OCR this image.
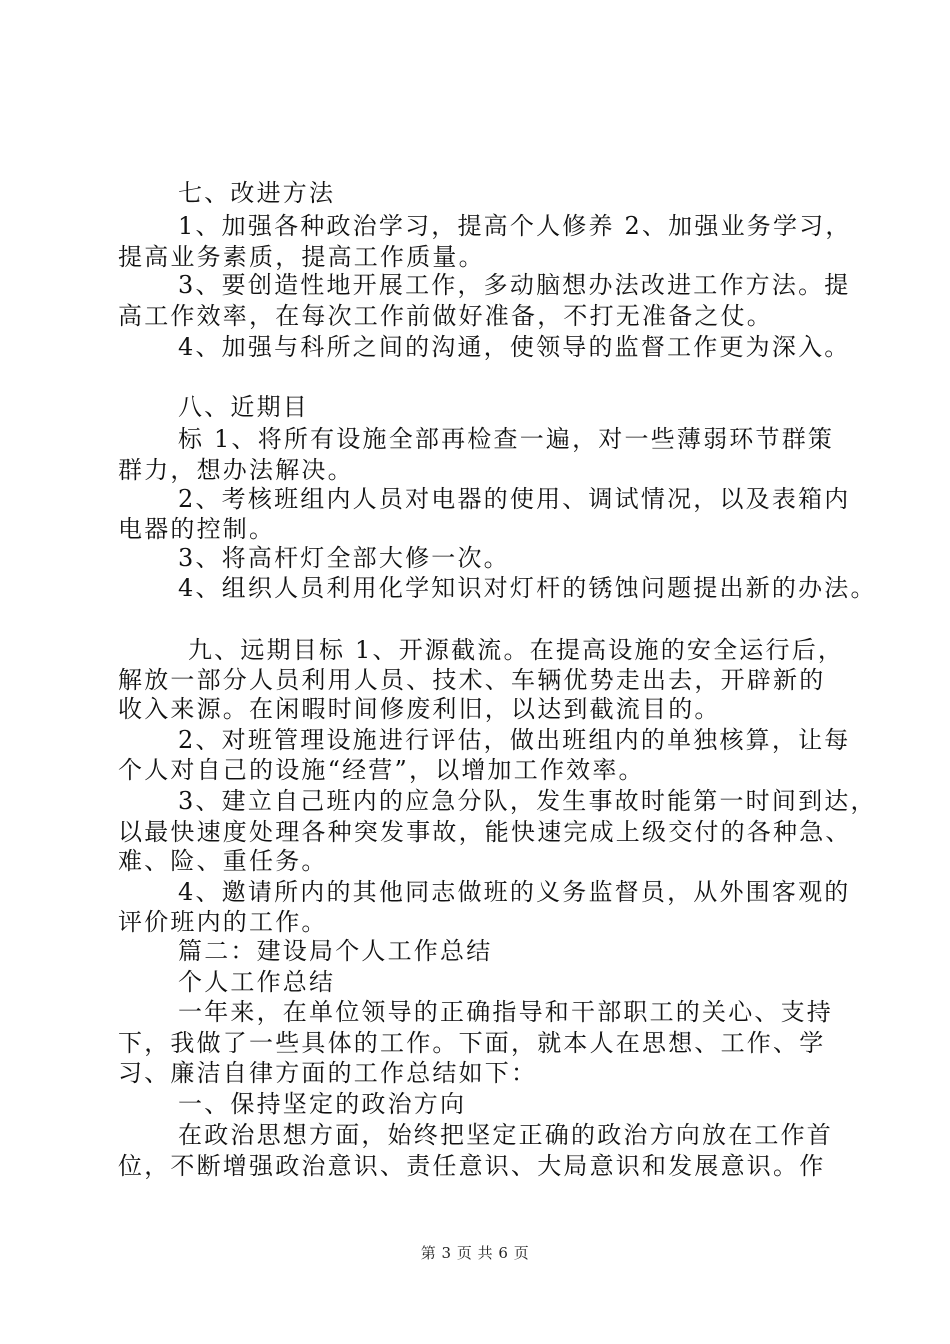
七、改进方法
1、加强各种政治学习，提高个人修养 2、加强业务学习，
提高业务素质，提高工作质量。
3、要创造性地开展工作，多动脑想办法改进工作方法。提
高工作效率，在每次工作前做好准备，不打无准备之仗。
4、加强与科所之间的沟通，使领导的监督工作更为深入。
八、近期目
标 1、将所有设施全部再检查一遍，对一些薄弱环节群策
群力，想办法解决。
2、考核班组内人员对电器的使用、调试情况，以及表箱内
电器的控制。
3、将高杆灯全部大修一次。
4、组织人员利用化学知识对灯杆的锈蚀问题提出新的办法。
九、远期目标 1、开源截流。在提高设施的安全运行后，
解放一部分人员利用人员、技术、车辆优势走出去，开辟新的
收入来源。在闲暇时间修废利旧，以达到截流目的。
2、对班管理设施进行评估，做出班组内的单独核算，让每
个人对自己的设施“经营”，以增加工作效率。
3、建立自己班内的应急分队，发生事故时能第一时间到达，
以最快速度处理各种突发事故，能快速完成上级交付的各种急、
难、险、重任务。
4、邀请所内的其他同志做班的义务监督员，从外围客观的
评价班内的工作。
篇二：建设局个人工作总结
个人工作总结
一年来，在单位领导的正确指导和干部职工的关心、支持
下，我做了一些具体的工作。下面，就本人在思想、工作、学
习、廉洁自律方面的工作总结如下：
一、保持坚定的政治方向
在政治思想方面，始终把坚定正确的政治方向放在工作首
位，不断增强政治意识、责任意识、大局意识和发展意识。作
第 3 页 共 6 页
